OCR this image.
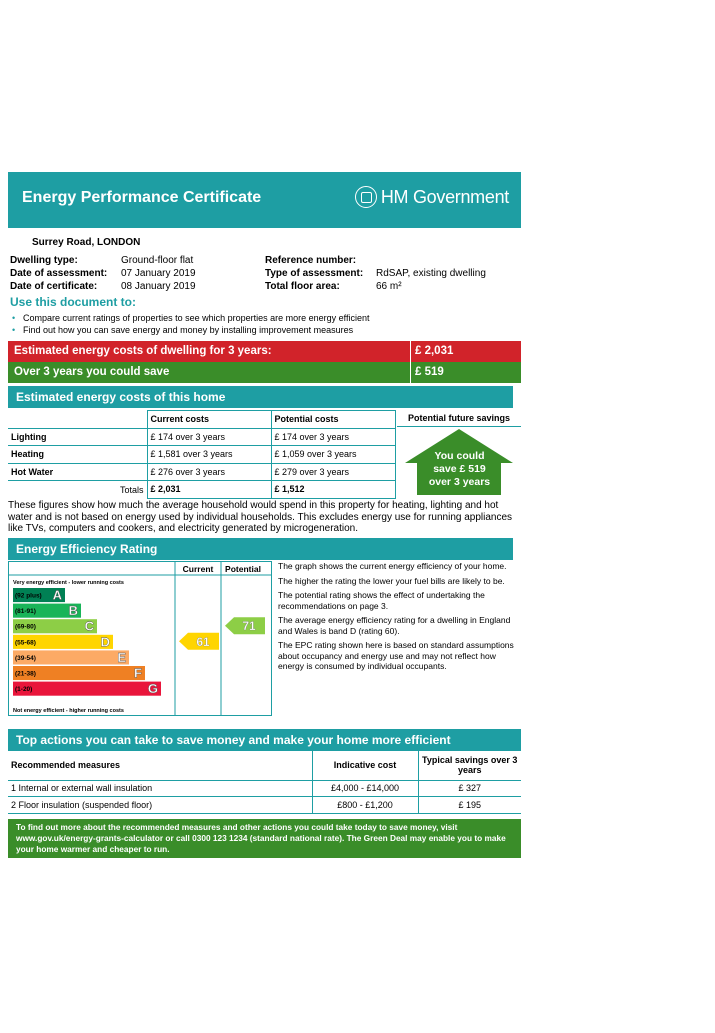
Energy Performance Certificate	HM Government
Surrey Road, LONDON
Dwelling type:	Ground-floor flat
Date of assessment: 07 January 2019
Date of certificate: 08 January 2019
Reference number:
Type of assessment: RdSAP, existing dwelling
Total floor area:	66 m²
Use this document to:
• Compare current ratings of properties to see which properties are more energy efficient
• Find out how you can save energy and money by installing improvement measures
Estimated energy costs of dwelling for 3 years:	£ 2,031
Over 3 years you could save	£ 519
Estimated energy costs of this home
	Current costs	Potential costs
Lighting	£ 174 over 3 years	£ 174 over 3 years
Heating	£ 1,581 over 3 years	£ 1,059 over 3 years
Hot Water	£ 276 over 3 years	£ 279 over 3 years
Totals	£ 2,031	£ 1,512
Potential future savings
You could
save £ 519
over 3 years
These figures show how much the average household would spend in this property for heating, lighting and hot water and is not based on energy used by individual households. This excludes energy use for running appliances like TVs, computers and cookers, and electricity generated by microgeneration.
Energy Efficiency Rating
Current Potential
Very energy efficient - lower running costs
Not energy efficient - higher running costs
(92 plus) A
(81-91)	B
(69-80)	C
(55-68)	D
(39-54)	E
(21-38)	F
(1-20)	G
61
71

The graph shows the current energy efficiency of your home.

The higher the rating the lower your fuel bills are likely to be.

The potential rating shows the effect of undertaking the recommendations on page 3.

The average energy efficiency rating for a dwelling in England and Wales is band D (rating 60).

The EPC rating shown here is based on standard assumptions about occupancy and energy use and may not reflect how energy is consumed by individual occupants.

Top actions you can take to save money and make your home more efficient
Recommended measures	Indicative cost	Typical savings over 3 years
1 Internal or external wall insulation	£4,000 - £14,000	£ 327
2 Floor insulation (suspended floor)	£800 - £1,200	£ 195
To find out more about the recommended measures and other actions you could take today to save money, visit www.gov.uk/energy-grants-calculator or call 0300 123 1234 (standard national rate). The Green Deal may enable you to make your home warmer and cheaper to run.
